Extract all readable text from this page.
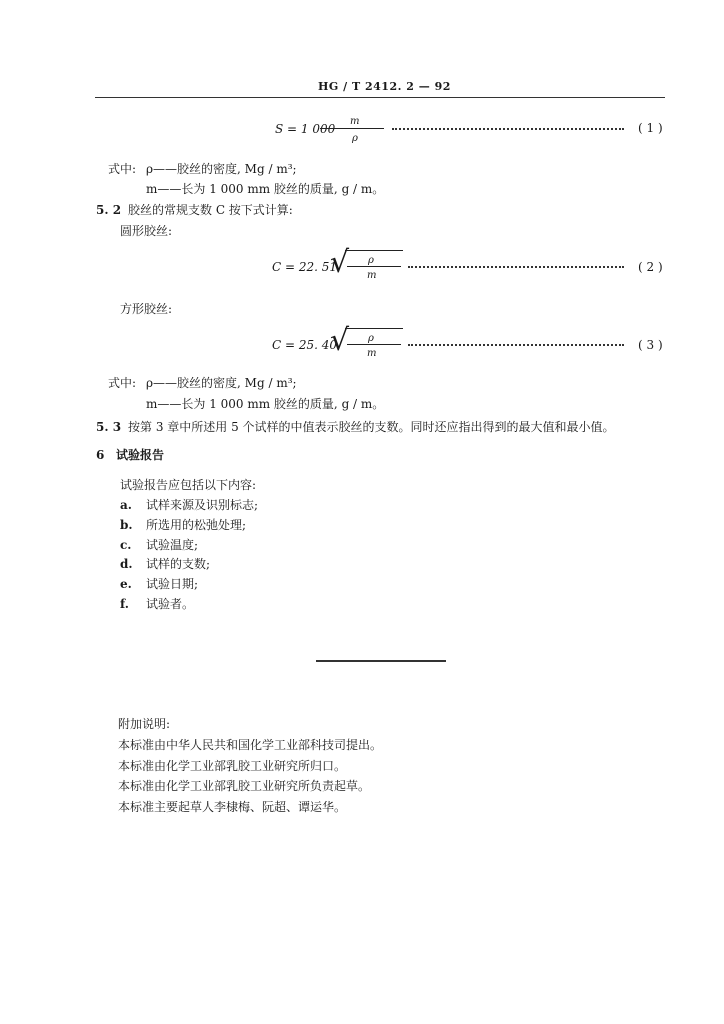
HG / T 2412. 2 — 92
S = 1 000
m
ρ
( 1 )
式中: ρ——胶丝的密度, Mg / m³;
m——长为 1 000 mm 胶丝的质量, g / m。
5. 2 胶丝的常规支数 C 按下式计算:
圆形胶丝:
C = 22. 51
√ ρ
m
( 2 )
方形胶丝:
C = 25. 40
√ ρ
m
( 3 )
式中: ρ——胶丝的密度, Mg / m³;
m——长为 1 000 mm 胶丝的质量, g / m。
5. 3 按第 3 章中所述用 5 个试样的中值表示胶丝的支数。同时还应指出得到的最大值和最小值。
6 试验报告
试验报告应包括以下内容:
a. 试样来源及识别标志;
b. 所选用的松弛处理;
c. 试验温度;
d. 试样的支数;
e. 试验日期;
f. 试验者。
附加说明:
本标准由中华人民共和国化学工业部科技司提出。
本标准由化学工业部乳胶工业研究所归口。
本标准由化学工业部乳胶工业研究所负责起草。
本标准主要起草人李棣梅、阮超、谭运华。
